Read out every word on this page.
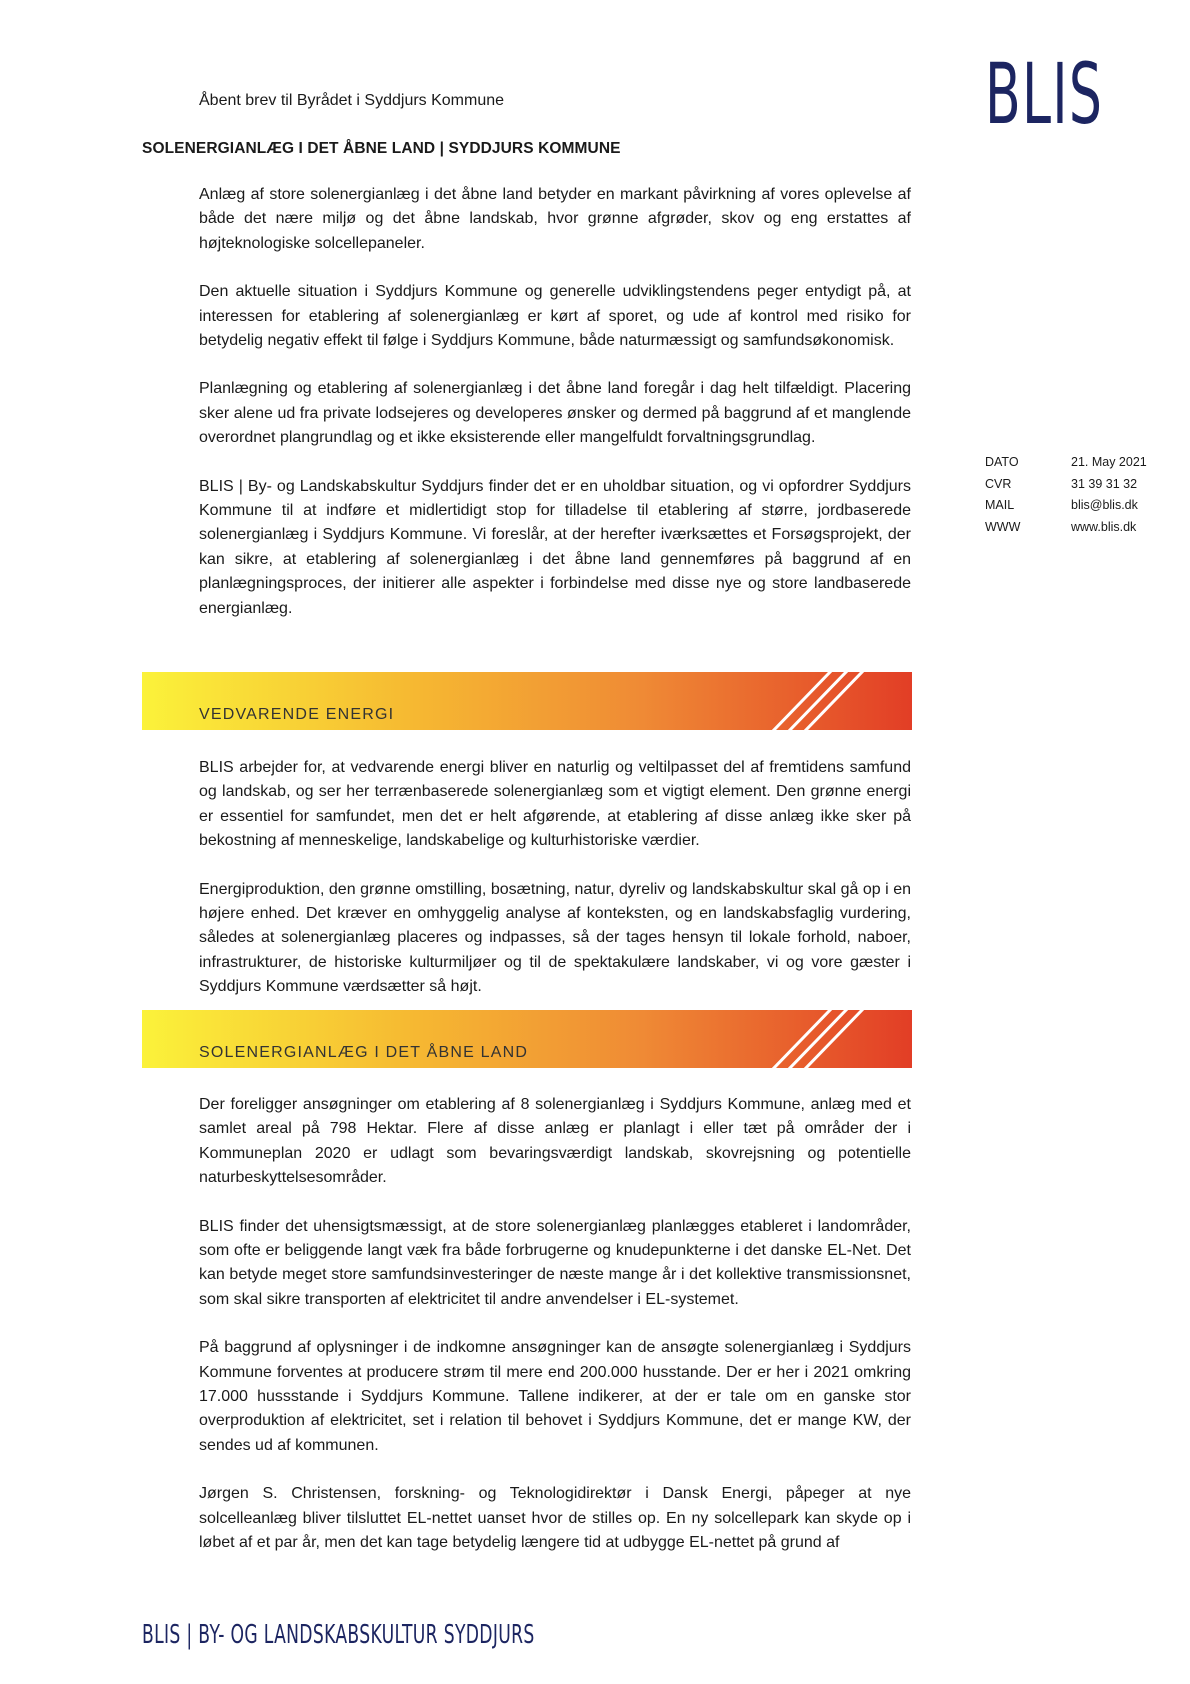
BLIS
Åbent brev til Byrådet i Syddjurs Kommune
SOLENERGIANLÆG I DET ÅBNE LAND | SYDDJURS KOMMUNE

Anlæg af store solenergianlæg i det åbne land betyder en markant påvirkning af vores oplevelse af både det nære miljø og det åbne landskab, hvor grønne afgrøder, skov og eng erstattes af højteknologiske solcellepaneler.

Den aktuelle situation i Syddjurs Kommune og generelle udviklingstendens peger entydigt på, at interessen for etablering af solenergianlæg er kørt af sporet, og ude af kontrol med risiko for betydelig negativ effekt til følge i Syddjurs Kommune, både naturmæssigt og samfundsøkonomisk.

Planlægning og etablering af solenergianlæg i det åbne land foregår i dag helt tilfældigt. Placering sker alene ud fra private lodsejeres og developeres ønsker og dermed på baggrund af et manglende overordnet plangrundlag og et ikke eksisterende eller mangelfuldt forvaltningsgrundlag.

BLIS | By- og Landskabskultur Syddjurs finder det er en uholdbar situation, og vi opfordrer Syddjurs Kommune til at indføre et midlertidigt stop for tilladelse til etablering af større, jordbaserede solenergianlæg i Syddjurs Kommune. Vi foreslår, at der herefter iværksættes et Forsøgsprojekt, der kan sikre, at etablering af solenergianlæg i det åbne land gennemføres på baggrund af en planlægningsproces, der initierer alle aspekter i forbindelse med disse nye og store landbaserede energianlæg.

DATO	21. May 2021
CVR	31 39 31 32
MAIL	blis@blis.dk
WWW	www.blis.dk
VEDVARENDE ENERGI

BLIS arbejder for, at vedvarende energi bliver en naturlig og veltilpasset del af fremtidens samfund og landskab, og ser her terrænbaserede solenergianlæg som et vigtigt element. Den grønne energi er essentiel for samfundet, men det er helt afgørende, at etablering af disse anlæg ikke sker på bekostning af menneskelige, landskabelige og kulturhistoriske værdier.

Energiproduktion, den grønne omstilling, bosætning, natur, dyreliv og landskabskultur skal gå op i en højere enhed. Det kræver en omhyggelig analyse af konteksten, og en landskabsfaglig vurdering, således at solenergianlæg placeres og indpasses, så der tages hensyn til lokale forhold, naboer, infrastrukturer, de historiske kulturmiljøer og til de spektakulære landskaber, vi og vore gæster i Syddjurs Kommune værdsætter så højt.

SOLENERGIANLÆG I DET ÅBNE LAND

Der foreligger ansøgninger om etablering af 8 solenergianlæg i Syddjurs Kommune, anlæg med et samlet areal på 798 Hektar. Flere af disse anlæg er planlagt i eller tæt på områder der i Kommuneplan 2020 er udlagt som bevaringsværdigt landskab, skovrejsning og potentielle naturbeskyttelsesområder.

BLIS finder det uhensigtsmæssigt, at de store solenergianlæg planlægges etableret i landområder, som ofte er beliggende langt væk fra både forbrugerne og knudepunkterne i det danske EL-Net. Det kan betyde meget store samfundsinvesteringer de næste mange år i det kollektive transmissionsnet, som skal sikre transporten af elektricitet til andre anvendelser i EL-systemet.

På baggrund af oplysninger i de indkomne ansøgninger kan de ansøgte solenergianlæg i Syddjurs Kommune forventes at producere strøm til mere end 200.000 husstande. Der er her i 2021 omkring 17.000 hussstande i Syddjurs Kommune. Tallene indikerer, at der er tale om en ganske stor overproduktion af elektricitet, set i relation til behovet i Syddjurs Kommune, det er mange KW, der sendes ud af kommunen.

Jørgen S. Christensen, forskning- og Teknologidirektør i Dansk Energi, påpeger at nye solcelleanlæg bliver tilsluttet EL-nettet uanset hvor de stilles op. En ny solcellepark kan skyde op i løbet af et par år, men det kan tage betydelig længere tid at udbygge EL-nettet på grund af

BLIS | BY- OG LANDSKABSKULTUR SYDDJURS
